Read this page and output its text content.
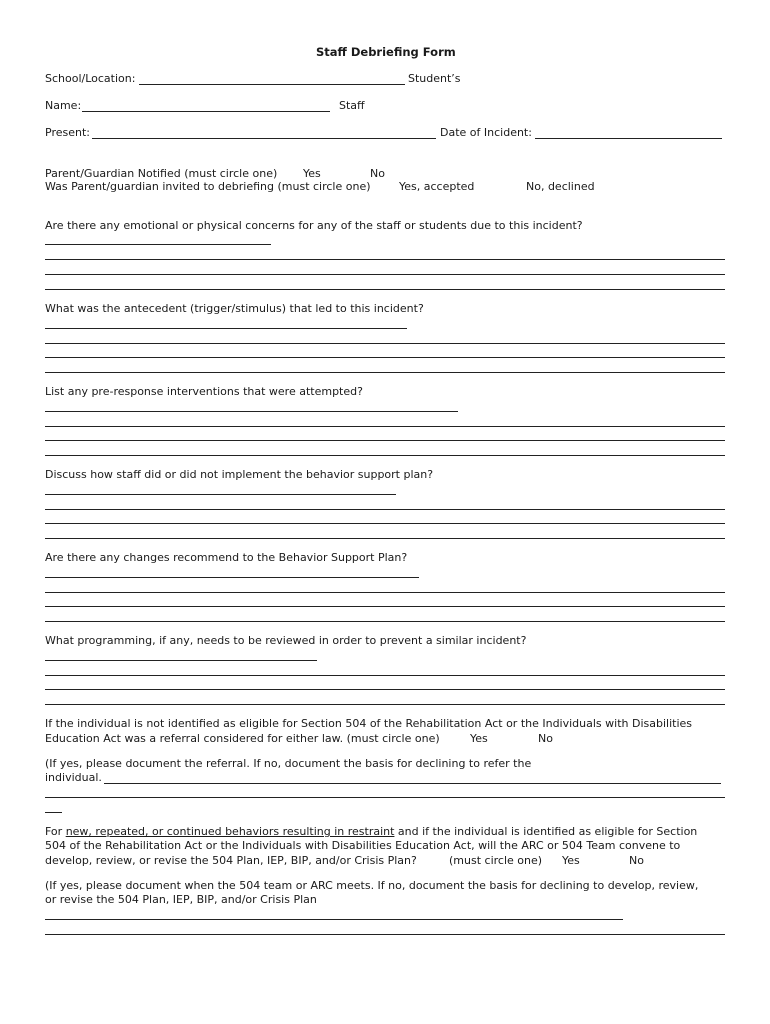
Staff Debriefing Form
School/Location:	Student’s
Name:	Staff
Present:	Date of Incident:
Parent/Guardian Notified (must circle one) Yes	No
Was Parent/guardian invited to debriefing (must circle one)	Yes, accepted	No, declined
Are there any emotional or physical concerns for any of the staff or students due to this incident?
What was the antecedent (trigger/stimulus) that led to this incident?
List any pre-response interventions that were attempted?
Discuss how staff did or did not implement the behavior support plan?
Are there any changes recommend to the Behavior Support Plan?
What programming, if any, needs to be reviewed in order to prevent a similar incident?
If the individual is not identified as eligible for Section 504 of the Rehabilitation Act or the Individuals with Disabilities
Education Act was a referral considered for either law. (must circle one)	Yes	No
(If yes, please document the referral. If no, document the basis for declining to refer the
individual.
For new, repeated, or continued behaviors resulting in restraint and if the individual is identified as eligible for Section
504 of the Rehabilitation Act or the Individuals with Disabilities Education Act, will the ARC or 504 Team convene to
develop, review, or revise the 504 Plan, IEP, BIP, and/or Crisis Plan?	(must circle one) Yes	No
(If yes, please document when the 504 team or ARC meets. If no, document the basis for declining to develop, review,
or revise the 504 Plan, IEP, BIP, and/or Crisis Plan
